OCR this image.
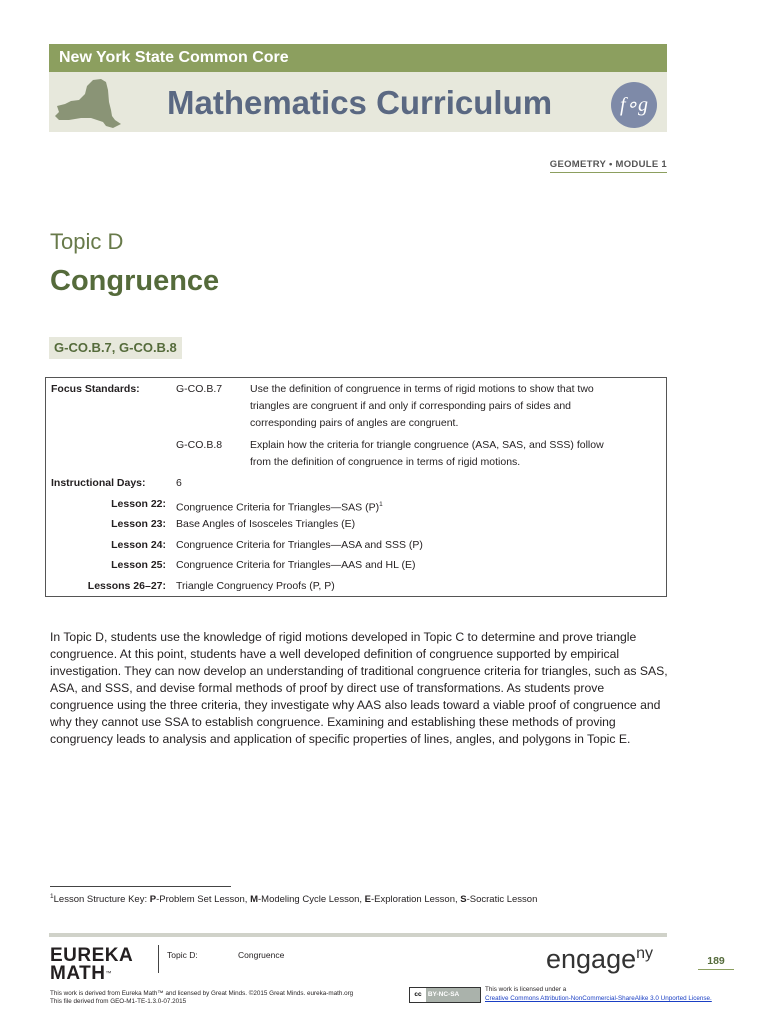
New York State Common Core
Mathematics Curriculum	f∘g
GEOMETRY • MODULE 1
Topic D
Congruence
G-CO.B.7, G-CO.B.8
Focus Standards:	G-CO.B.7	Use the definition of congruence in terms of rigid motions to show that two
triangles are congruent if and only if corresponding pairs of sides and
corresponding pairs of angles are congruent.
G-CO.B.8	Explain how the criteria for triangle congruence (ASA, SAS, and SSS) follow
from the definition of congruence in terms of rigid motions.
Instructional Days:	6
Lesson 22: Congruence Criteria for Triangles—SAS $(P)^1$
Lesson 23: Base Angles of Isosceles Triangles (E)
Lesson 24: Congruence Criteria for Triangles—ASA and SSS (P)
Lesson 25: Congruence Criteria for Triangles—AAS and HL (E)
Lessons 26–27: Triangle Congruency Proofs (P, P)
In Topic D, students use the knowledge of rigid motions developed in Topic C to determine and prove triangle congruence. At this point, students have a well developed definition of congruence supported by empirical investigation. They can now develop an understanding of traditional congruence criteria for triangles, such as SAS, ASA, and SSS, and devise formal methods of proof by direct use of transformations. As students prove congruence using the three criteria, they investigate why AAS also leads toward a viable proof of congruence and why they cannot use SSA to establish congruence. Examining and establishing these methods of proving congruency leads to analysis and application of specific properties of lines, angles, and polygons in Topic E.
$^1$Lesson Structure Key: P-Problem Set Lesson, M-Modeling Cycle Lesson, E-Exploration Lesson, S-Socratic Lesson
EUREKA
MATH™
Topic D:	Congruence	engage$^{ny}$	189
This work is derived from Eureka Math™ and licensed by Great Minds. ©2015 Great Minds. eureka-math.org
This file derived from GEO-M1-TE-1.3.0-07.2015
cc BY-NC-SA
This work is licensed under a
Creative Commons Attribution-NonCommercial-ShareAlike 3.0 Unported License.
